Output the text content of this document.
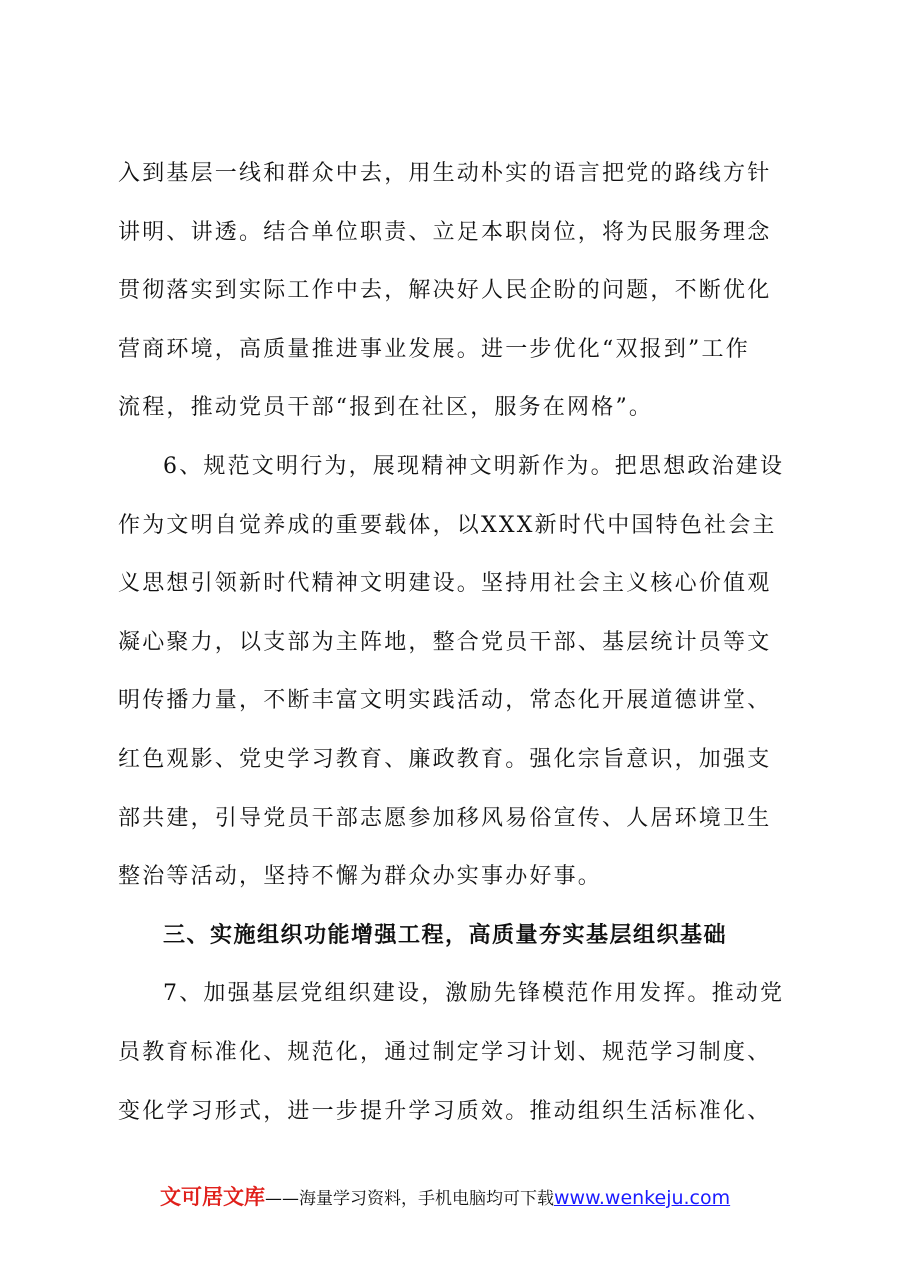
入到基层一线和群众中去，用生动朴实的语言把党的路线方针
讲明、讲透。结合单位职责、立足本职岗位，将为民服务理念
贯彻落实到实际工作中去，解决好人民企盼的问题，不断优化
营商环境，高质量推进事业发展。进一步优化“双报到”工作
流程，推动党员干部“报到在社区，服务在网格”。
6、规范文明行为，展现精神文明新作为。把思想政治建设
作为文明自觉养成的重要载体，以XXX新时代中国特色社会主
义思想引领新时代精神文明建设。坚持用社会主义核心价值观
凝心聚力，以支部为主阵地，整合党员干部、基层统计员等文
明传播力量，不断丰富文明实践活动，常态化开展道德讲堂、
红色观影、党史学习教育、廉政教育。强化宗旨意识，加强支
部共建，引导党员干部志愿参加移风易俗宣传、人居环境卫生
整治等活动，坚持不懈为群众办实事办好事。
三、实施组织功能增强工程，高质量夯实基层组织基础
7、加强基层党组织建设，激励先锋模范作用发挥。推动党
员教育标准化、规范化，通过制定学习计划、规范学习制度、
变化学习形式，进一步提升学习质效。推动组织生活标准化、
文可居文库——海量学习资料，手机电脑均可下载www.wenkeju.com
